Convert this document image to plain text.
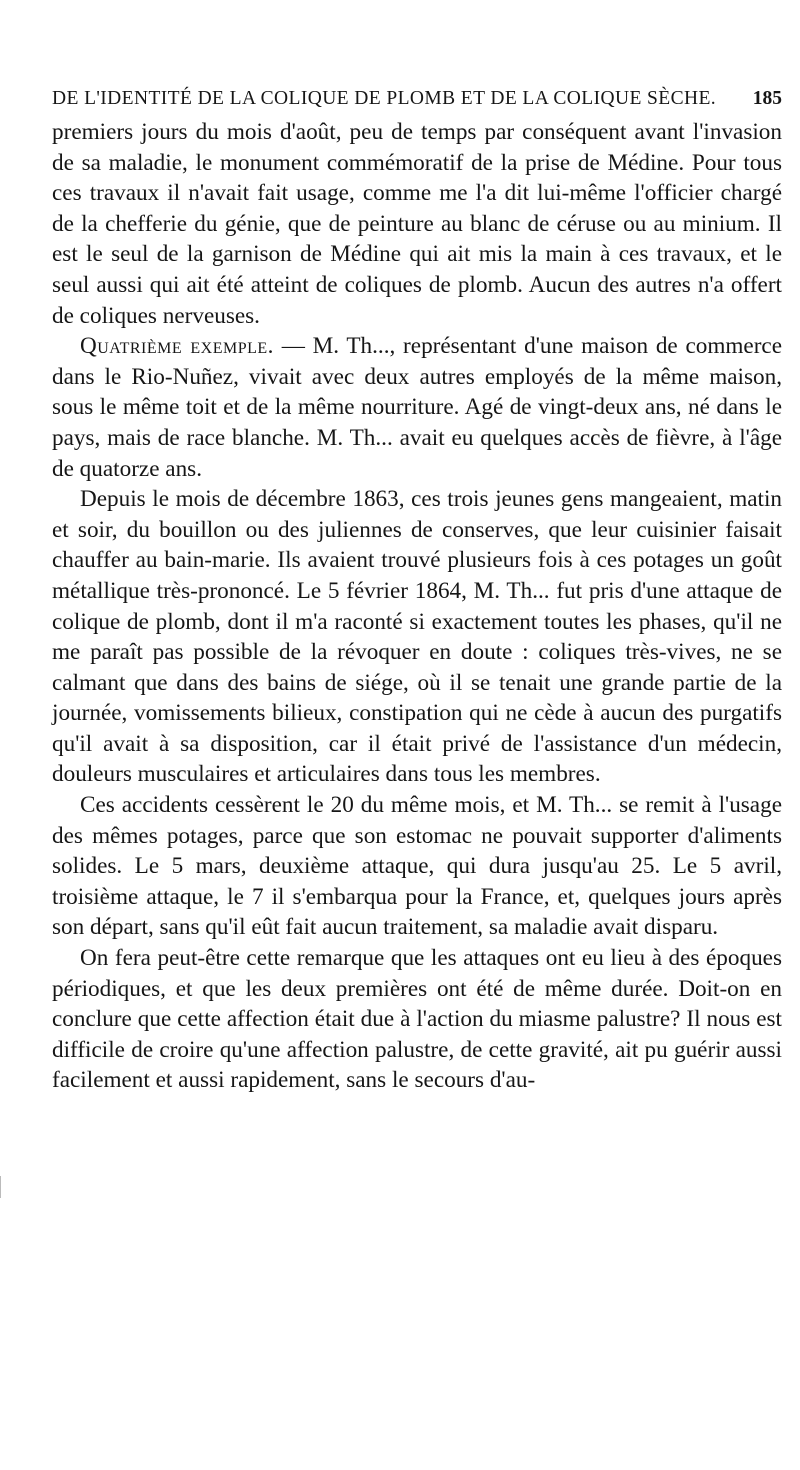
DE L'IDENTITÉ DE LA COLIQUE DE PLOMB ET DE LA COLIQUE SÈCHE. 185

premiers jours du mois d'août, peu de temps par conséquent avant l'invasion de sa maladie, le monument commémoratif de la prise de Médine. Pour tous ces travaux il n'avait fait usage, comme me l'a dit lui-même l'officier chargé de la chefferie du génie, que de peinture au blanc de céruse ou au minium. Il est le seul de la garnison de Médine qui ait mis la main à ces travaux, et le seul aussi qui ait été atteint de coliques de plomb. Aucun des autres n'a offert de coliques nerveuses.

Quatrième exemple. — M. Th..., représentant d'une maison de commerce dans le Rio-Nuñez, vivait avec deux autres employés de la même maison, sous le même toit et de la même nourriture. Agé de vingt-deux ans, né dans le pays, mais de race blanche. M. Th... avait eu quelques accès de fièvre, à l'âge de quatorze ans.

Depuis le mois de décembre 1863, ces trois jeunes gens mangeaient, matin et soir, du bouillon ou des juliennes de conserves, que leur cuisinier faisait chauffer au bain-marie. Ils avaient trouvé plusieurs fois à ces potages un goût métallique très-prononcé. Le 5 février 1864, M. Th... fut pris d'une attaque de colique de plomb, dont il m'a raconté si exactement toutes les phases, qu'il ne me paraît pas possible de la révoquer en doute : coliques très-vives, ne se calmant que dans des bains de siége, où il se tenait une grande partie de la journée, vomissements bilieux, constipation qui ne cède à aucun des purgatifs qu'il avait à sa disposition, car il était privé de l'assistance d'un médecin, douleurs musculaires et articulaires dans tous les membres.

Ces accidents cessèrent le 20 du même mois, et M. Th... se remit à l'usage des mêmes potages, parce que son estomac ne pouvait supporter d'aliments solides. Le 5 mars, deuxième attaque, qui dura jusqu'au 25. Le 5 avril, troisième attaque, le 7 il s'embarqua pour la France, et, quelques jours après son départ, sans qu'il eût fait aucun traitement, sa maladie avait disparu.

On fera peut-être cette remarque que les attaques ont eu lieu à des époques périodiques, et que les deux premières ont été de même durée. Doit-on en conclure que cette affection était due à l'action du miasme palustre? Il nous est difficile de croire qu'une affection palustre, de cette gravité, ait pu guérir aussi facilement et aussi rapidement, sans le secours d'au-
